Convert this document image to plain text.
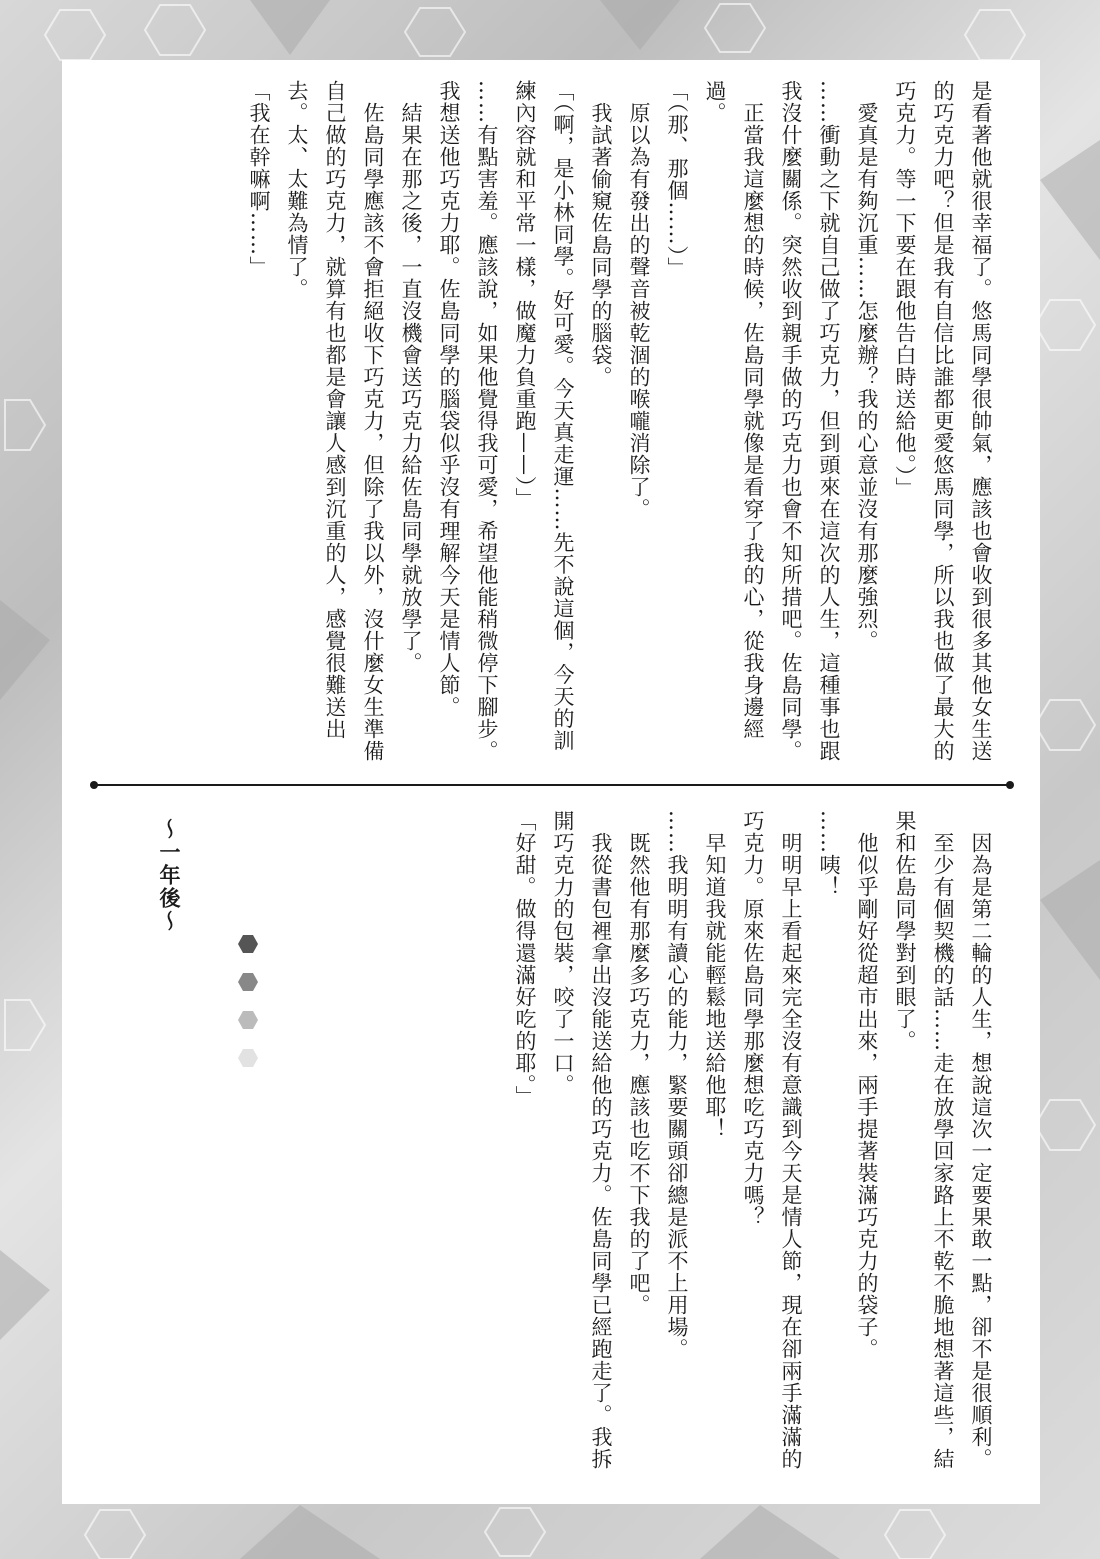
是看著他就很幸福了。悠馬同學很帥氣，應該也會收到很多其他女生送的巧克力吧？但是我有自信比誰都更愛悠馬同學，所以我也做了最大的巧克力。等一下要在跟他告白時送給他。）」

　愛真是有夠沉重……怎麼辦？我的心意並沒有那麼強烈。

……衝動之下就自己做了巧克力，但到頭來在這次的人生，這種事也跟我沒什麼關係。突然收到親手做的巧克力也會不知所措吧。佐島同學。

　正當我這麼想的時候，佐島同學就像是看穿了我的心，從我身邊經過。

「（那、那個……）」

　原以為有發出的聲音被乾涸的喉嚨消除了。

　我試著偷窺佐島同學的腦袋。

「（啊，是小林同學。好可愛。今天真走運……先不說這個，今天的訓練內容就和平常一樣，做魔力負重跑——）」

……有點害羞。應該說，如果他覺得我可愛，希望他能稍微停下腳步。我想送他巧克力耶。佐島同學的腦袋似乎沒有理解今天是情人節。

　結果在那之後，一直沒機會送巧克力給佐島同學就放學了。

　佐島同學應該不會拒絕收下巧克力，但除了我以外，沒什麼女生準備自己做的巧克力，就算有也都是會讓人感到沉重的人，感覺很難送出去。太、太難為情了。

「我在幹嘛啊……」

　因為是第二輪的人生，想說這次一定要果敢一點，卻不是很順利。

　至少有個契機的話……走在放學回家路上不乾不脆地想著這些，結果和佐島同學對到眼了。

　他似乎剛好從超市出來，兩手提著裝滿巧克力的袋子。

……咦！

　明明早上看起來完全沒有意識到今天是情人節，現在卻兩手滿滿的巧克力。原來佐島同學那麼想吃巧克力嗎？

　早知道我就能輕鬆地送給他耶！

……我明明有讀心的能力，緊要關頭卻總是派不上用場。

　既然他有那麼多巧克力，應該也吃不下我的了吧。

　我從書包裡拿出沒能送給他的巧克力。佐島同學已經跑走了。我拆開巧克力的包裝，咬了一口。

「好甜。做得還滿好吃的耶。」

～一年後～
